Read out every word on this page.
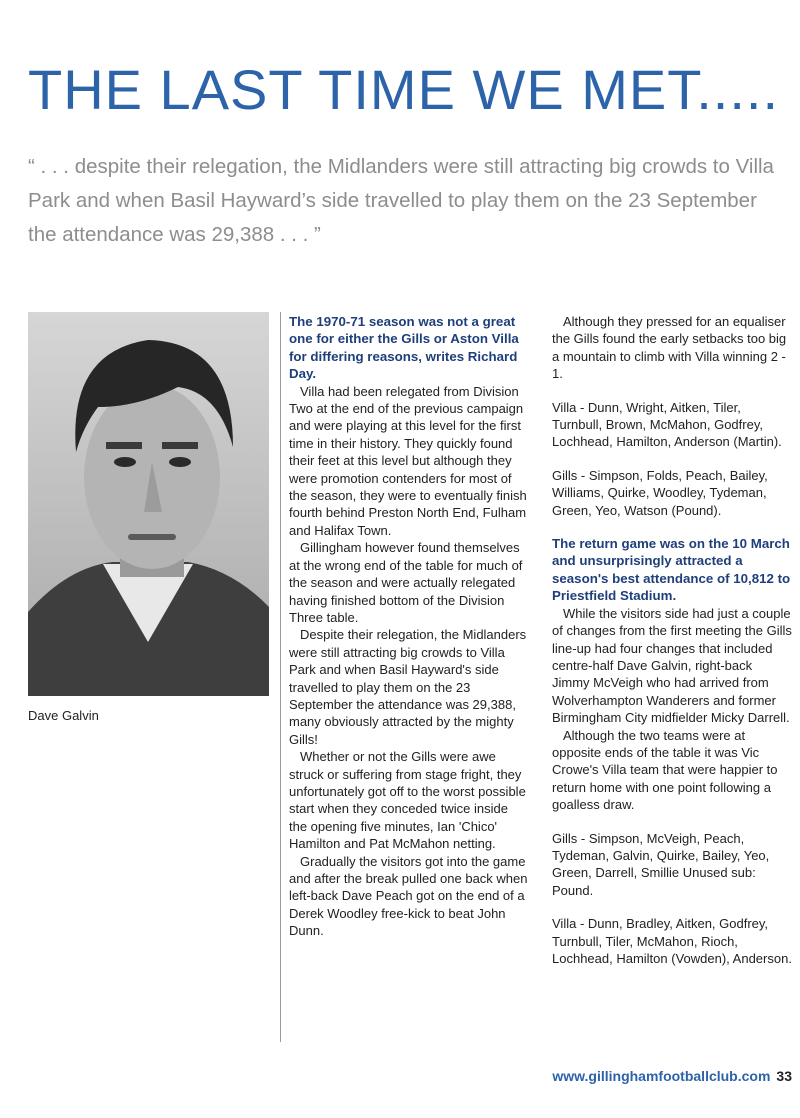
THE LAST TIME WE MET.....

“ . . . despite their relegation, the Midlanders were still attracting big crowds to Villa Park and when Basil Hayward’s side travelled to play them on the 23 September the attendance was 29,388 . . . ”

Dave Galvin

The 1970-71 season was not a great one for either the Gills or Aston Villa for differing reasons, writes Richard Day.

Villa had been relegated from Division Two at the end of the previous campaign and were playing at this level for the first time in their history. They quickly found their feet at this level but although they were promotion contenders for most of the season, they were to eventually finish fourth behind Preston North End, Fulham and Halifax Town.

Gillingham however found themselves at the wrong end of the table for much of the season and were actually relegated having finished bottom of the Division Three table.

Despite their relegation, the Midlanders were still attracting big crowds to Villa Park and when Basil Hayward's side travelled to play them on the 23 September the attendance was 29,388, many obviously attracted by the mighty Gills!

Whether or not the Gills were awe struck or suffering from stage fright, they unfortunately got off to the worst possible start when they conceded twice inside the opening five minutes, Ian 'Chico' Hamilton and Pat McMahon netting.

Gradually the visitors got into the game and after the break pulled one back when left-back Dave Peach got on the end of a Derek Woodley free-kick to beat John Dunn.

Although they pressed for an equaliser the Gills found the early setbacks too big a mountain to climb with Villa winning 2 - 1.

Villa - Dunn, Wright, Aitken, Tiler, Turnbull, Brown, McMahon, Godfrey, Lochhead, Hamilton, Anderson (Martin).

Gills - Simpson, Folds, Peach, Bailey, Williams, Quirke, Woodley, Tydeman, Green, Yeo, Watson (Pound).

The return game was on the 10 March and unsurprisingly attracted a season's best attendance of 10,812 to Priestfield Stadium.

While the visitors side had just a couple of changes from the first meeting the Gills line-up had four changes that included centre-half Dave Galvin, right-back Jimmy McVeigh who had arrived from Wolverhampton Wanderers and former Birmingham City midfielder Micky Darrell.

Although the two teams were at opposite ends of the table it was Vic Crowe's Villa team that were happier to return home with one point following a goalless draw.

Gills - Simpson, McVeigh, Peach, Tydeman, Galvin, Quirke, Bailey, Yeo, Green, Darrell, Smillie Unused sub: Pound.

Villa - Dunn, Bradley, Aitken, Godfrey, Turnbull, Tiler, McMahon, Rioch, Lochhead, Hamilton (Vowden), Anderson.

www.gillinghamfootballclub.com 33
